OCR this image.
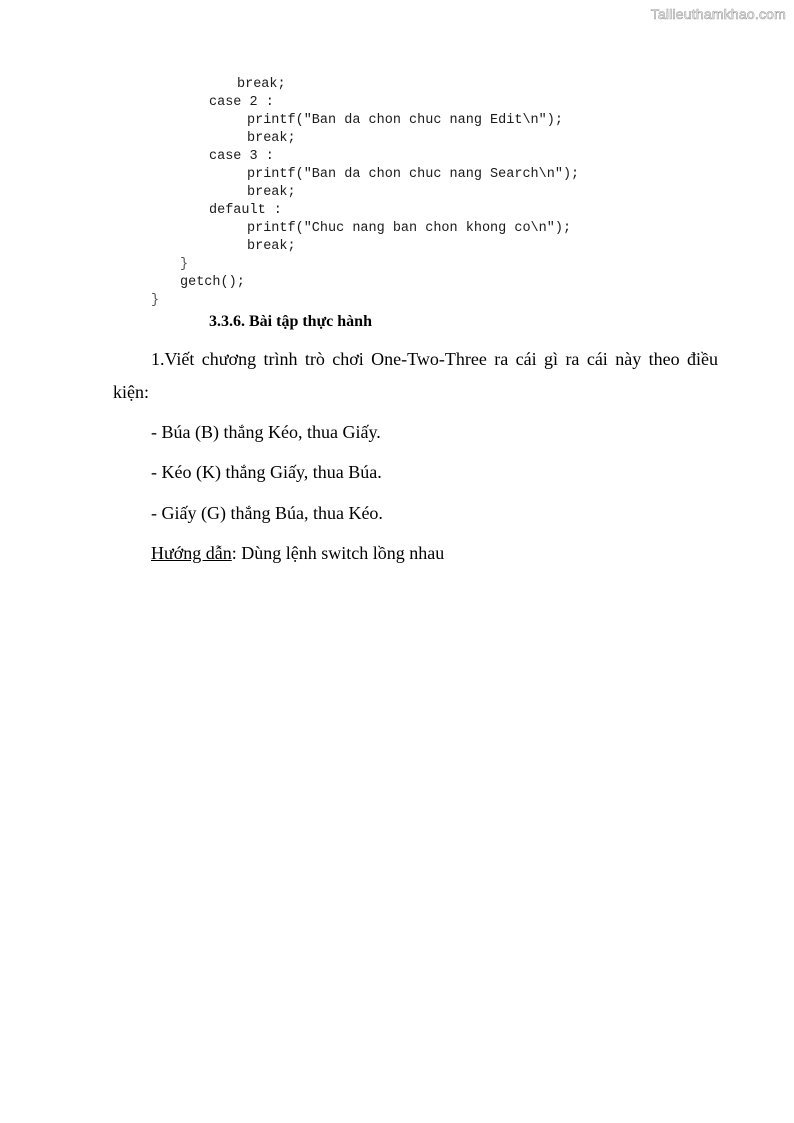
Tailieuthamkhao.com
break;
case 2 :
printf("Ban da chon chuc nang Edit\n");
break;
case 3 :
printf("Ban da chon chuc nang Search\n");
break;
default :
printf("Chuc nang ban chon khong co\n");
break;
}
getch();
}
3.3.6. Bài tập thực hành
1.Viết chương trình trò chơi One-Two-Three ra cái gì ra cái này theo điều
kiện:
- Búa (B) thắng Kéo, thua Giấy.
- Kéo (K) thắng Giấy, thua Búa.
- Giấy (G) thắng Búa, thua Kéo.
Hướng dẫn: Dùng lệnh switch lồng nhau
